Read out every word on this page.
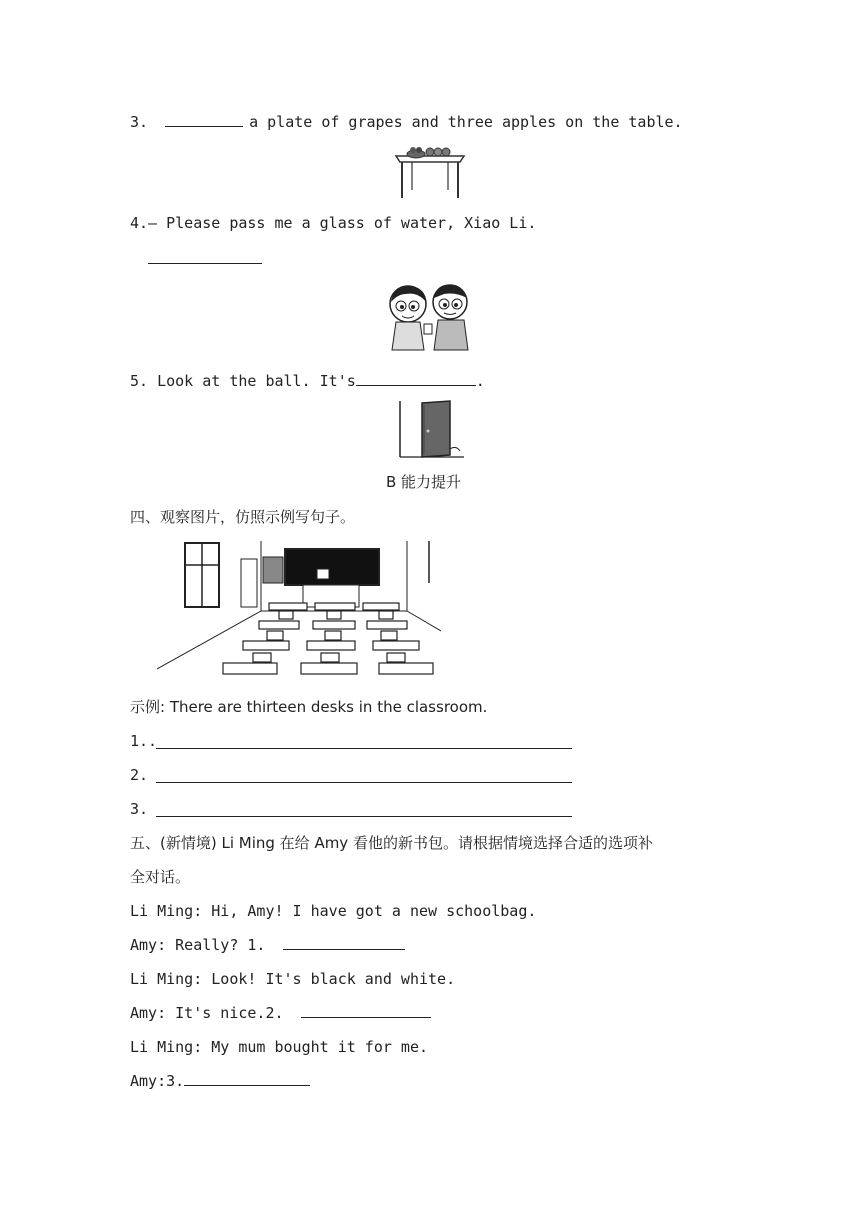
3.	a plate of grapes and three apples on the table.
4.— Please pass me a glass of water, Xiao Li.
5. Look at the ball. It's	.
B 能力提升
四、观察图片，仿照示例写句子。
示例: There are thirteen desks in the classroom.
1..
2.
3.
五、(新情境) Li Ming 在给 Amy 看他的新书包。请根据情境选择合适的选项补
全对话。
Li Ming: Hi, Amy! I have got a new schoolbag.
Amy: Really? 1.
Li Ming: Look! It's black and white.
Amy: It's nice.2.
Li Ming: My mum bought it for me.
Amy:3.
